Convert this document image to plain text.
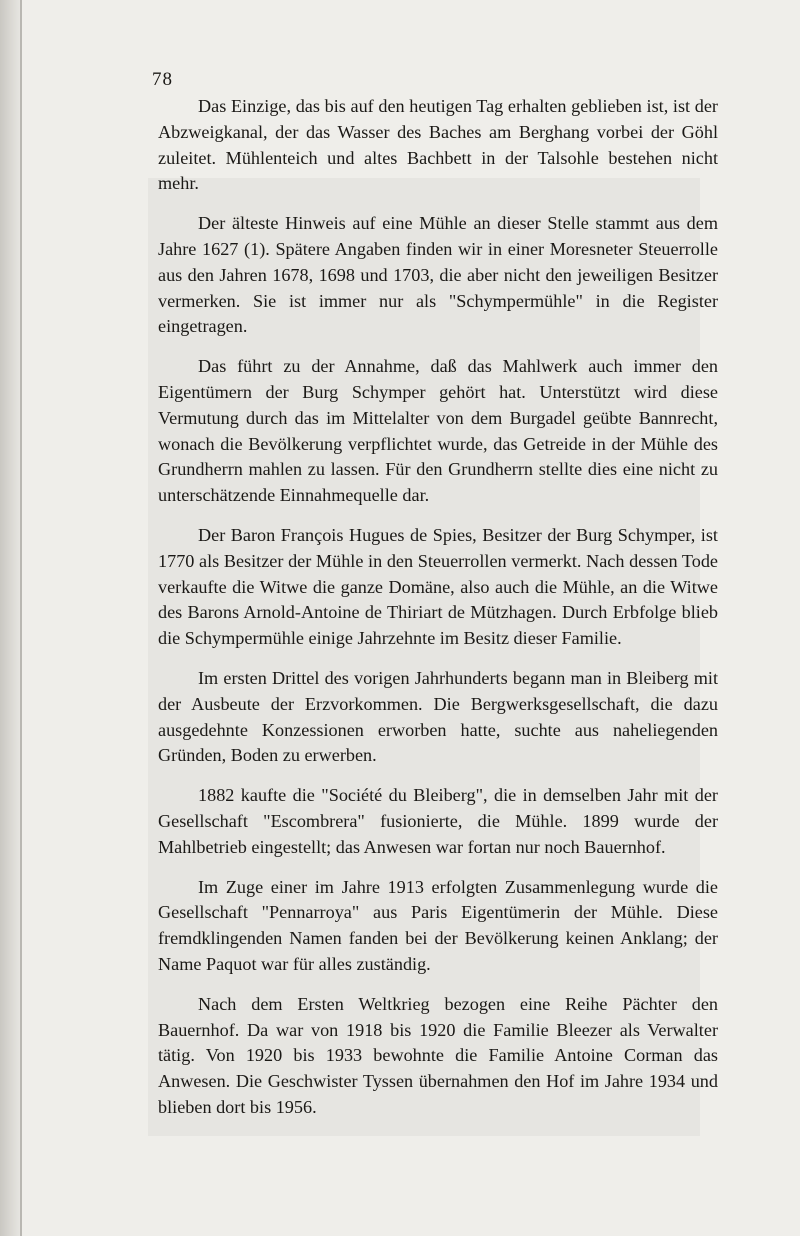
78

Das Einzige, das bis auf den heutigen Tag erhalten geblieben ist, ist der Abzweigkanal, der das Wasser des Baches am Berghang vorbei der Göhl zuleitet. Mühlenteich und altes Bachbett in der Talsohle bestehen nicht mehr.

Der älteste Hinweis auf eine Mühle an dieser Stelle stammt aus dem Jahre 1627 (1). Spätere Angaben finden wir in einer Moresneter Steuerrolle aus den Jahren 1678, 1698 und 1703, die aber nicht den jeweiligen Besitzer vermerken. Sie ist immer nur als "Schympermühle" in die Register eingetragen.

Das führt zu der Annahme, daß das Mahlwerk auch immer den Eigentümern der Burg Schymper gehört hat. Unterstützt wird diese Vermutung durch das im Mittelalter von dem Burgadel geübte Bannrecht, wonach die Bevölkerung verpflichtet wurde, das Getreide in der Mühle des Grundherrn mahlen zu lassen. Für den Grundherrn stellte dies eine nicht zu unterschätzende Einnahmequelle dar.

Der Baron François Hugues de Spies, Besitzer der Burg Schymper, ist 1770 als Besitzer der Mühle in den Steuerrollen vermerkt. Nach dessen Tode verkaufte die Witwe die ganze Domäne, also auch die Mühle, an die Witwe des Barons Arnold-Antoine de Thiriart de Mützhagen. Durch Erbfolge blieb die Schympermühle einige Jahrzehnte im Besitz dieser Familie.

Im ersten Drittel des vorigen Jahrhunderts begann man in Bleiberg mit der Ausbeute der Erzvorkommen. Die Bergwerksgesellschaft, die dazu ausgedehnte Konzessionen erworben hatte, suchte aus naheliegenden Gründen, Boden zu erwerben.

1882 kaufte die "Société du Bleiberg", die in demselben Jahr mit der Gesellschaft "Escombrera" fusionierte, die Mühle. 1899 wurde der Mahlbetrieb eingestellt; das Anwesen war fortan nur noch Bauernhof.

Im Zuge einer im Jahre 1913 erfolgten Zusammenlegung wurde die Gesellschaft "Pennarroya" aus Paris Eigentümerin der Mühle. Diese fremdklingenden Namen fanden bei der Bevölkerung keinen Anklang; der Name Paquot war für alles zuständig.

Nach dem Ersten Weltkrieg bezogen eine Reihe Pächter den Bauernhof. Da war von 1918 bis 1920 die Familie Bleezer als Verwalter tätig. Von 1920 bis 1933 bewohnte die Familie Antoine Corman das Anwesen. Die Geschwister Tyssen übernahmen den Hof im Jahre 1934 und blieben dort bis 1956.
